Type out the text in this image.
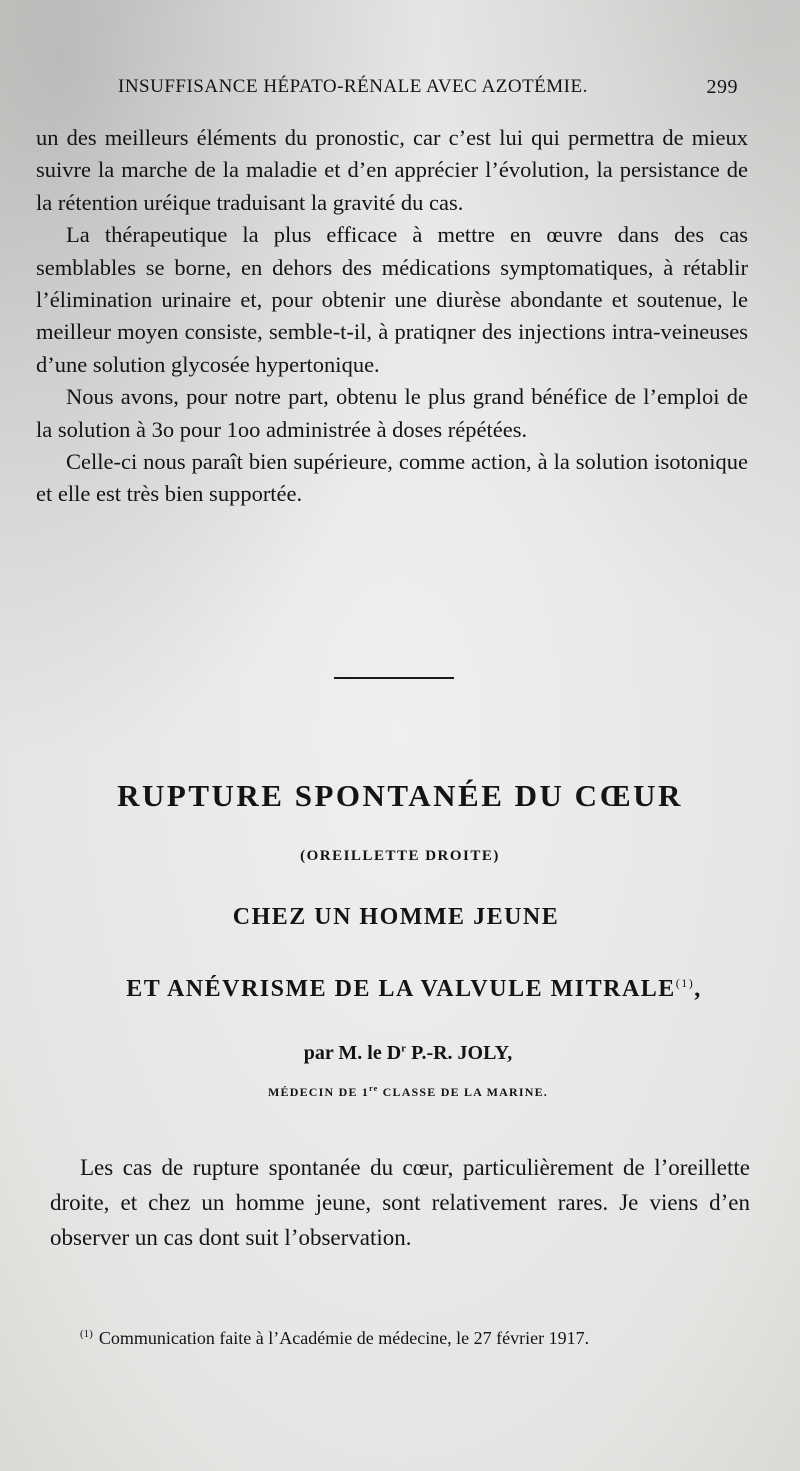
INSUFFISANCE HÉPATO-RÉNALE AVEC AZOTÉMIE.	299

un des meilleurs éléments du pronostic, car c’est lui qui permettra de mieux suivre la marche de la maladie et d’en apprécier l’évolution, la persistance de la rétention uréique traduisant la gravité du cas.

La thérapeutique la plus efficace à mettre en œuvre dans des cas semblables se borne, en dehors des médications symptomatiques, à rétablir l’élimination urinaire et, pour obtenir une diurèse abondante et soutenue, le meilleur moyen consiste, semble-t-il, à pratiqner des injections intra-veineuses d’une solution glycosée hypertonique.

Nous avons, pour notre part, obtenu le plus grand bénéfice de l’emploi de la solution à 3o pour 1oo administrée à doses répétées.

Celle-ci nous paraît bien supérieure, comme action, à la solution isotonique et elle est très bien supportée.

RUPTURE SPONTANÉE DU CŒUR
(OREILLETTE DROITE)
CHEZ UN HOMME JEUNE
ET ANÉVRISME DE LA VALVULE MITRALE$^{(1)}$,
par M. le $D^r$ P.-R. JOLY,
MÉDECIN DE 1re CLASSE DE LA MARINE.

Les cas de rupture spontanée du cœur, particulièrement de l’oreillette droite, et chez un homme jeune, sont relativement rares. Je viens d’en observer un cas dont suit l’observation.

$^{(1)}$ Communication faite à l’Académie de médecine, le 27 février 1917.
